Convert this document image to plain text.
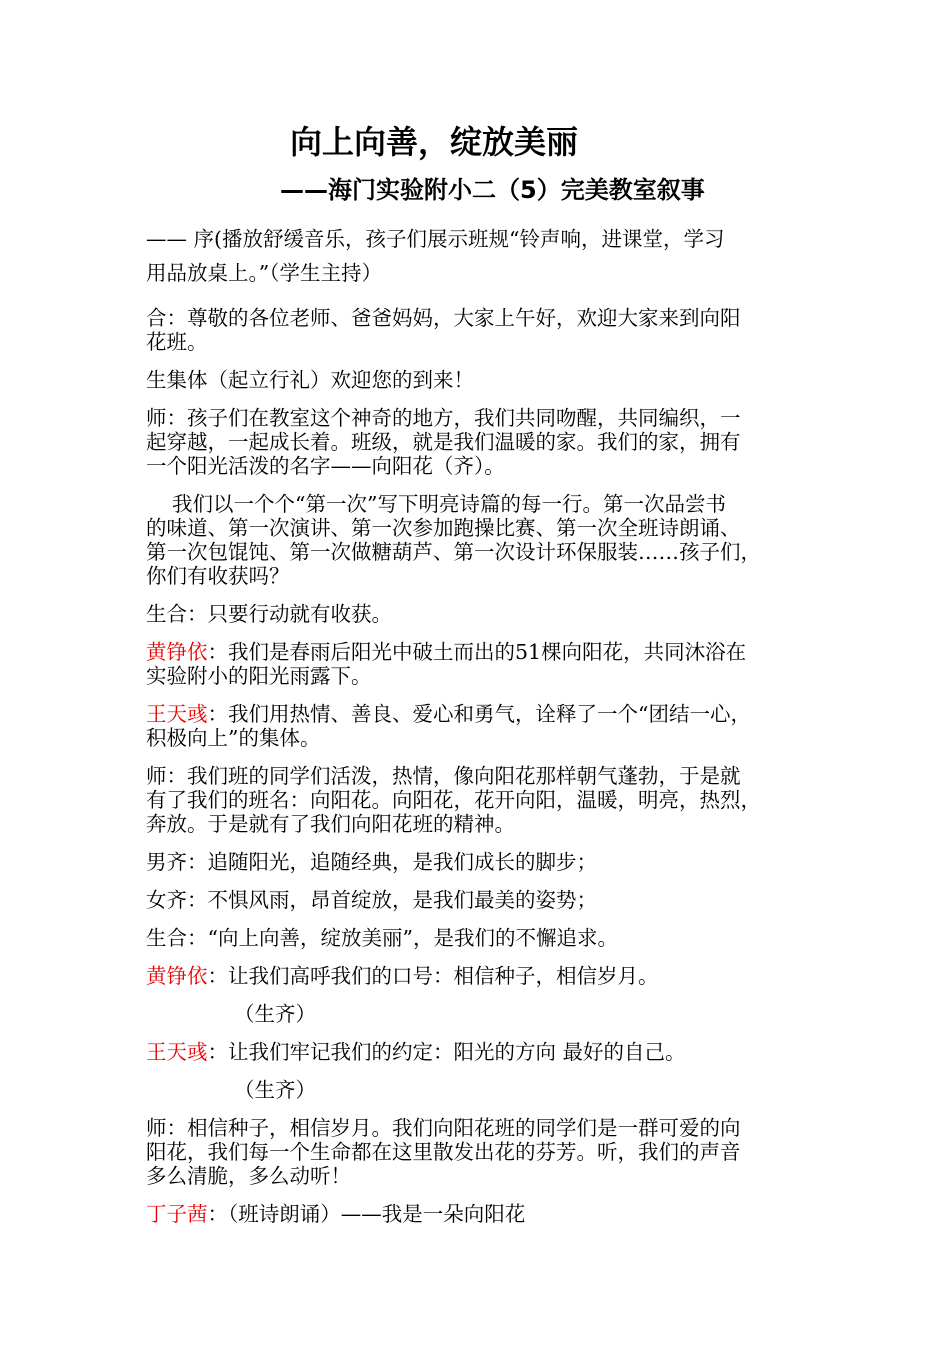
向上向善，绽放美丽
——海门实验附小二（5）完美教室叙事

—— 序(播放舒缓音乐，孩子们展示班规“铃声响，进课堂，学习

用品放桌上。”（学生主持）

合：尊敬的各位老师、爸爸妈妈，大家上午好，欢迎大家来到向阳

花班。

生集体（起立行礼）欢迎您的到来！

师：孩子们在教室这个神奇的地方，我们共同吻醒，共同编织，一

起穿越，一起成长着。班级，就是我们温暖的家。我们的家，拥有

一个阳光活泼的名字——向阳花（齐）。

我们以一个个“第一次”写下明亮诗篇的每一行。第一次品尝书

的味道、第一次演讲、第一次参加跑操比赛、第一次全班诗朗诵、

第一次包馄饨、第一次做糖葫芦、第一次设计环保服装……孩子们，

你们有收获吗？

生合：只要行动就有收获。

黄铮依：我们是春雨后阳光中破土而出的51棵向阳花，共同沐浴在

实验附小的阳光雨露下。

王天彧：我们用热情、善良、爱心和勇气，诠释了一个“团结一心，

积极向上”的集体。

师：我们班的同学们活泼，热情，像向阳花那样朝气蓬勃，于是就

有了我们的班名：向阳花。向阳花，花开向阳，温暖，明亮，热烈，

奔放。于是就有了我们向阳花班的精神。

男齐：追随阳光，追随经典，是我们成长的脚步；

女齐：不惧风雨，昂首绽放，是我们最美的姿势；

生合：“向上向善，绽放美丽”，是我们的不懈追求。

黄铮依：让我们高呼我们的口号：相信种子，相信岁月。

（生齐）

王天彧：让我们牢记我们的约定：阳光的方向 最好的自己。

（生齐）

师：相信种子，相信岁月。我们向阳花班的同学们是一群可爱的向

阳花，我们每一个生命都在这里散发出花的芬芳。听，我们的声音

多么清脆，多么动听！

丁子茜：（班诗朗诵）——我是一朵向阳花
